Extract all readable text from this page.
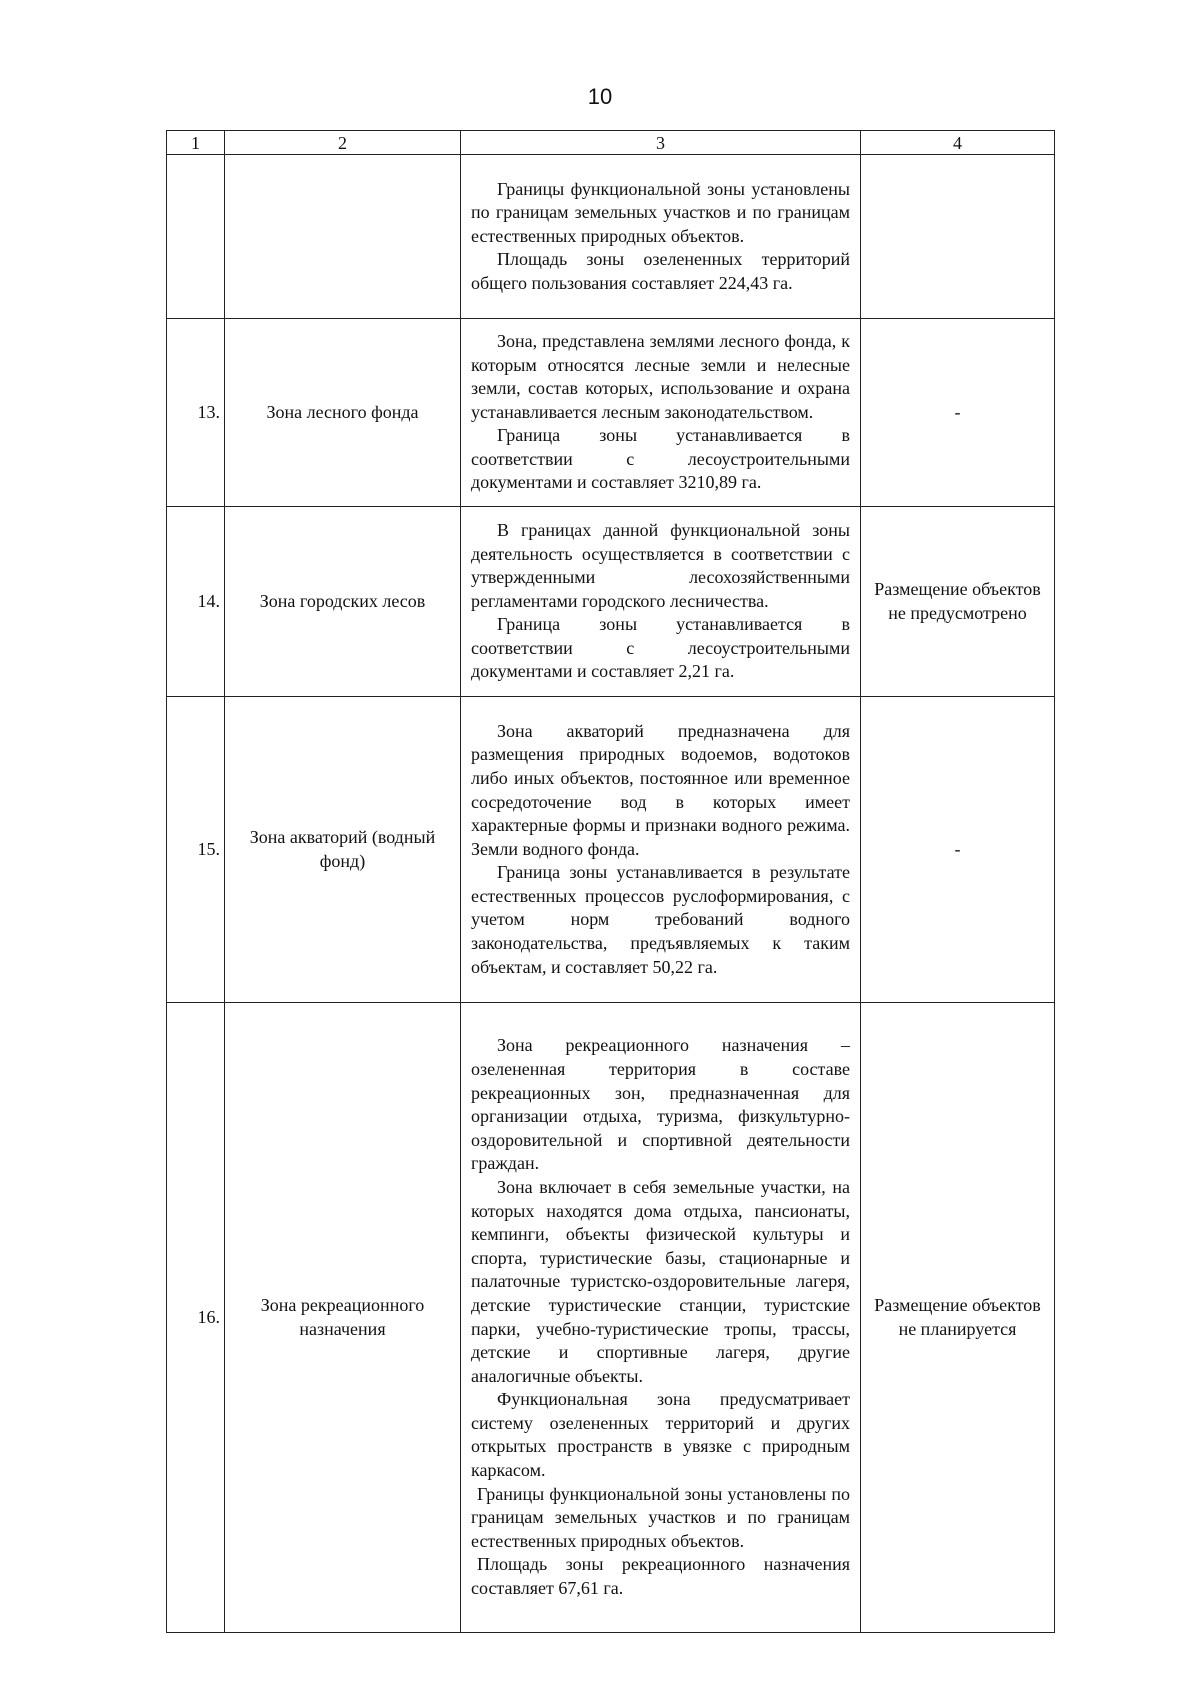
10
1	2	3	4

		Границы функциональной зоны установлены по границам земельных участков и по границам естественных природных объектов.
Площадь зоны озелененных территорий общего пользования составляет 224,43 га.	

13.	Зона лесного фонда	Зона, представлена землями лесного фонда, к которым относятся лесные земли и нелесные земли, состав которых, использование и охрана устанавливается лесным законодательством.
Граница зоны устанавливается в соответствии с лесоустроительными документами и составляет 3210,89 га.	-
14.	Зона городских лесов	В границах данной функциональной зоны деятельность осуществляется в соответствии с утвержденными лесохозяйственными регламентами городского лесничества.
Граница зоны устанавливается в соответствии с лесоустроительными документами и составляет 2,21 га.	Размещение объектов не предусмотрено
15.	Зона акваторий (водный фонд)	Зона акваторий предназначена для размещения природных водоемов, водотоков либо иных объектов, постоянное или временное сосредоточение вод в которых имеет характерные формы и признаки водного режима. Земли водного фонда.
Граница зоны устанавливается в результате естественных процессов руслоформирования, с учетом норм требований водного законодательства, предъявляемых к таким объектам, и составляет 50,22 га.	-
16.	Зона рекреационного назначения	Зона рекреационного назначения – озелененная территория в составе рекреационных зон, предназначенная для организации отдыха, туризма, физкультурно-оздоровительной и спортивной деятельности граждан.
Зона включает в себя земельные участки, на которых находятся дома отдыха, пансионаты, кемпинги, объекты физической культуры и спорта, туристические базы, стационарные и палаточные туристско-оздоровительные лагеря, детские туристические станции, туристские парки, учебно-туристические тропы, трассы, детские и спортивные лагеря, другие аналогичные объекты.
Функциональная зона предусматривает систему озелененных территорий и других открытых пространств в увязке с природным каркасом.
Границы функциональной зоны установлены по границам земельных участков и по границам естественных природных объектов.
Площадь зоны рекреационного назначения составляет 67,61 га.	Размещение объектов не планируется
